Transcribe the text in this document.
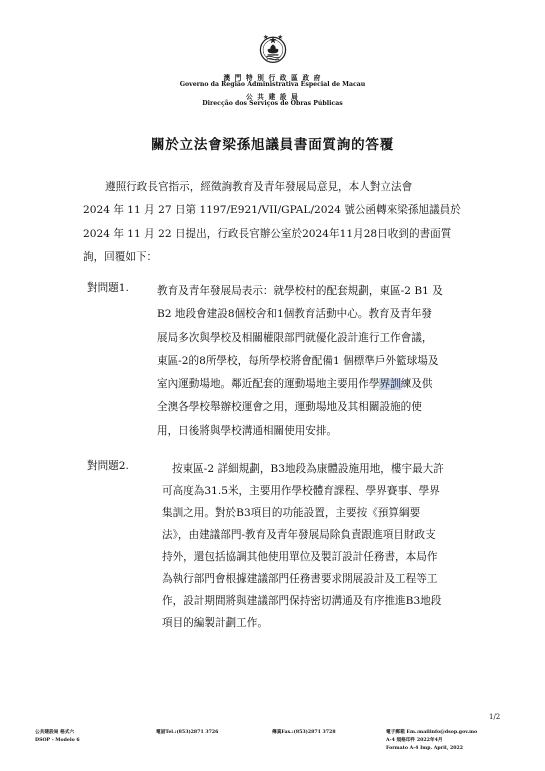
澳 門 特 別 行 政 區 政 府
Governo da Região Administrativa Especial de Macau
公 共 建 設 局
Direcção dos Serviços de Obras Públicas
關於立法會梁孫旭議員書面質詢的答覆
遵照行政長官指示，經徵詢教育及青年發展局意見，本人對立法會
2024 年 11 月 27 日第 1197/E921/VII/GPAL/2024 號公函轉來梁孫旭議員於
2024 年 11 月 22 日提出，行政長官辦公室於2024年11月28日收到的書面質
詢，回覆如下：
對問題1.	教育及青年發展局表示：就學校村的配套規劃，東區-2 B1 及
B2 地段會建設8個校舍和1個教育活動中心。教育及青年發
展局多次與學校及相關權限部門就優化設計進行工作會議，
東區-2的8所學校，每所學校將會配備1 個標準戶外籃球場及
室內運動場地。鄰近配套的運動場地主要用作學界訓練及供
全澳各學校舉辦校運會之用，運動場地及其相關設施的使
用，日後將與學校溝通相關使用安排。
對問題2.	按東區-2 詳細規劃，B3地段為康體設施用地，樓宇最大許
可高度為31.5米，主要用作學校體育課程、學界賽事、學界
集訓之用。對於B3項目的功能設置，主要按《預算綱要
法》，由建議部門-教育及青年發展局除負責跟進項目財政支
持外，還包括協調其他使用單位及製訂設計任務書，本局作
為執行部門會根據建議部門任務書要求開展設計及工程等工
作，設計期間將與建議部門保持密切溝通及有序推進B3地段
項目的編製計劃工作。
1/2
公共建設局 格式六
DSOP - Modelo 6
電話Tel.:(853)2871 3726	傳真Fax.:(853)2871 3728	電子郵箱 Em.:mailinfo@dsop.gov.mo
A-4 規格印件 2022年4月
Formato A-4 Imp. April, 2022
